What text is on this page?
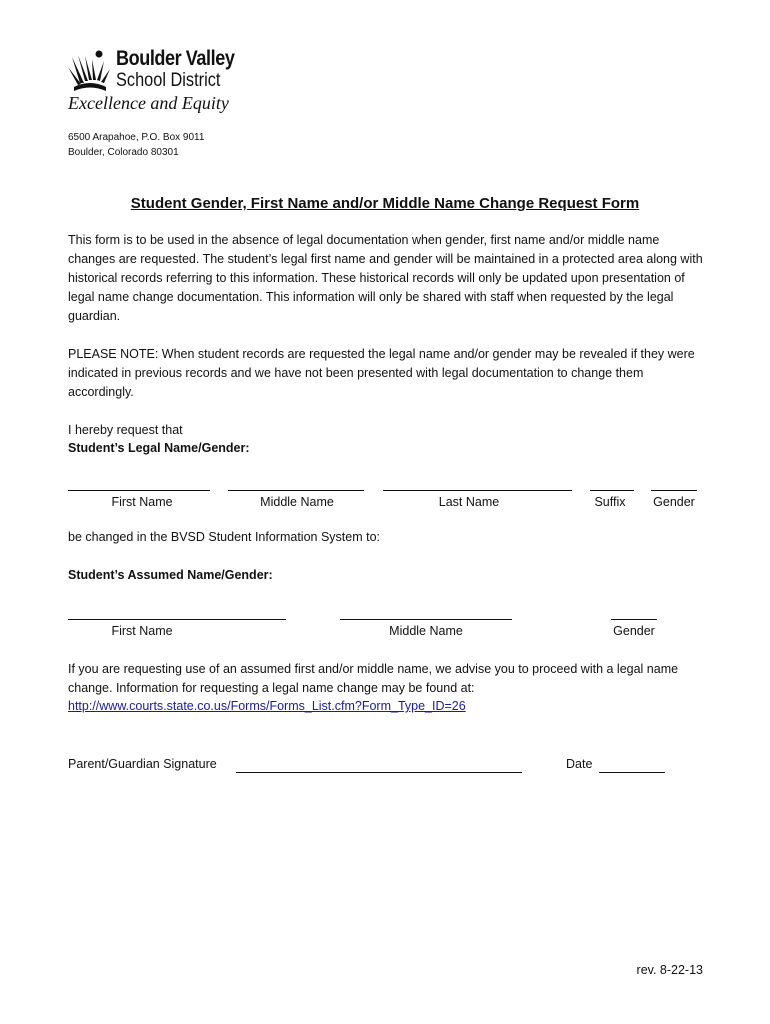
Boulder Valley
School District
Excellence and Equity
6500 Arapahoe, P.O. Box 9011
Boulder, Colorado 80301
Student Gender, First Name and/or Middle Name Change Request Form

This form is to be used in the absence of legal documentation when gender, first name and/or middle name changes are requested. The student’s legal first name and gender will be maintained in a protected area along with historical records referring to this information. These historical records will only be updated upon presentation of legal name change documentation. This information will only be shared with staff when requested by the legal guardian.

PLEASE NOTE: When student records are requested the legal name and/or gender may be revealed if they were indicated in previous records and we have not been presented with legal documentation to change them accordingly.

I hereby request that
Student’s Legal Name/Gender:
First Name	Middle Name	Last Name	Suffix	Gender
be changed in the BVSD Student Information System to:
Student’s Assumed Name/Gender:
First Name	Middle Name	Gender

If you are requesting use of an assumed first and/or middle name, we advise you to proceed with a legal name change. Information for requesting a legal name change may be found at:

http://www.courts.state.co.us/Forms/Forms_List.cfm?Form_Type_ID=26
Parent/Guardian Signature	Date
rev. 8-22-13
